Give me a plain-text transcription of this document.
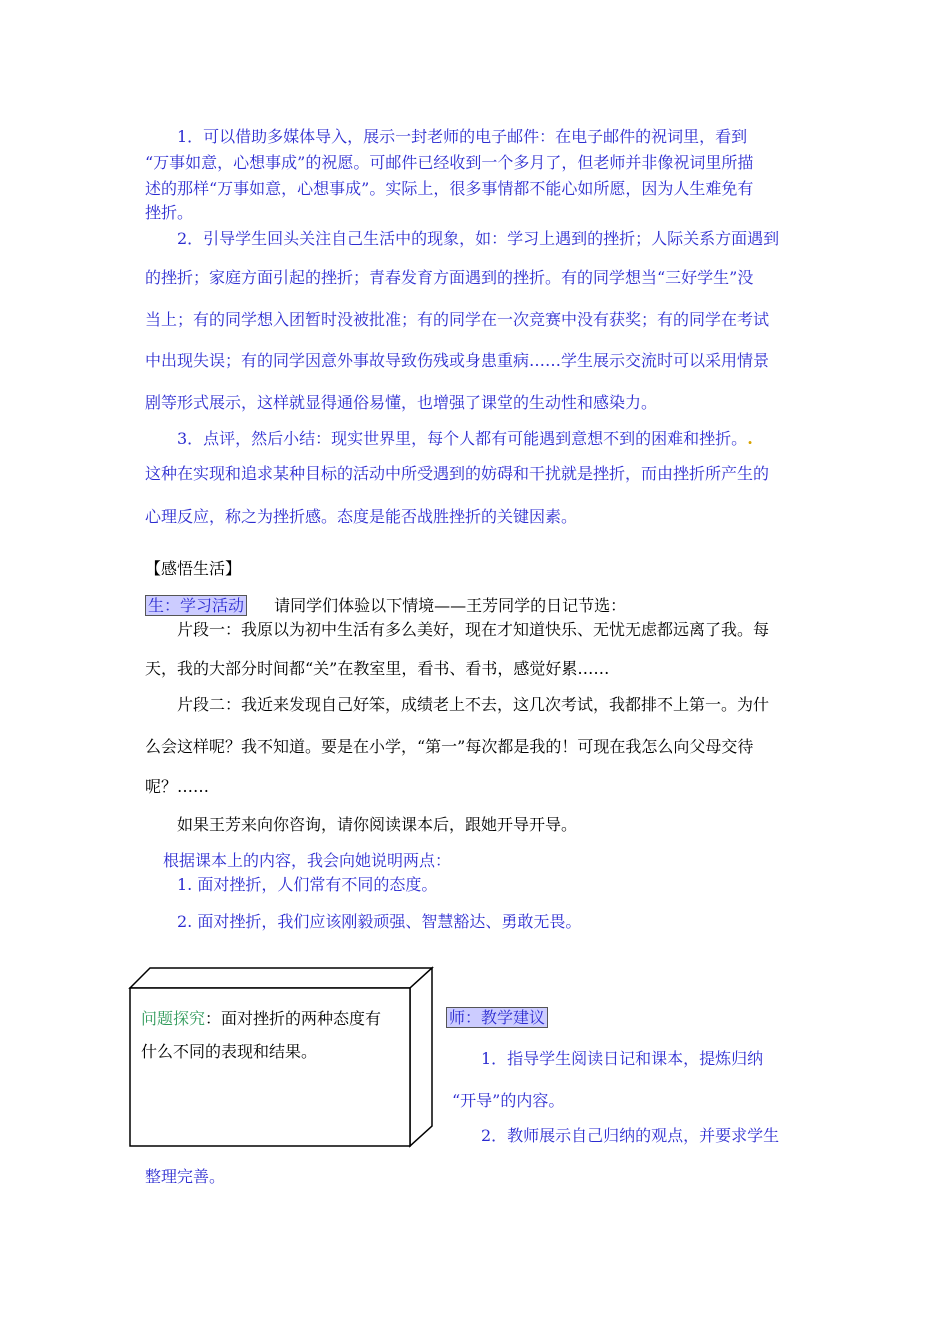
1．可以借助多媒体导入，展示一封老师的电子邮件：在电子邮件的祝词里，看到
“万事如意，心想事成”的祝愿。可邮件已经收到一个多月了，但老师并非像祝词里所描
述的那样“万事如意，心想事成”。实际上，很多事情都不能心如所愿，因为人生难免有
挫折。
2．引导学生回头关注自己生活中的现象，如：学习上遇到的挫折；人际关系方面遇到
的挫折；家庭方面引起的挫折；青春发育方面遇到的挫折。有的同学想当“三好学生”没
当上；有的同学想入团暂时没被批准；有的同学在一次竞赛中没有获奖；有的同学在考试
中出现失误；有的同学因意外事故导致伤残或身患重病……学生展示交流时可以采用情景
剧等形式展示，这样就显得通俗易懂，也增强了课堂的生动性和感染力。
3．点评，然后小结：现实世界里，每个人都有可能遇到意想不到的困难和挫折。.
这种在实现和追求某种目标的活动中所受遇到的妨碍和干扰就是挫折，而由挫折所产生的
心理反应，称之为挫折感。态度是能否战胜挫折的关键因素。
【感悟生活】
生：学习活动 请同学们体验以下情境——王芳同学的日记节选：
片段一：我原以为初中生活有多么美好，现在才知道快乐、无忧无虑都远离了我。每
天，我的大部分时间都“关”在教室里，看书、看书，感觉好累……
片段二：我近来发现自己好笨，成绩老上不去，这几次考试，我都排不上第一。为什
么会这样呢？我不知道。要是在小学，“第一”每次都是我的！可现在我怎么向父母交待
呢？……
如果王芳来向你咨询，请你阅读课本后，跟她开导开导。
根据课本上的内容，我会向她说明两点：
1. 面对挫折，人们常有不同的态度。
2. 面对挫折，我们应该刚毅顽强、智慧豁达、勇敢无畏。
问题探究：面对挫折的两种态度有
什么不同的表现和结果。
师：教学建议
1．指导学生阅读日记和课本，提炼归纳
“开导”的内容。
2．教师展示自己归纳的观点，并要求学生
整理完善。
